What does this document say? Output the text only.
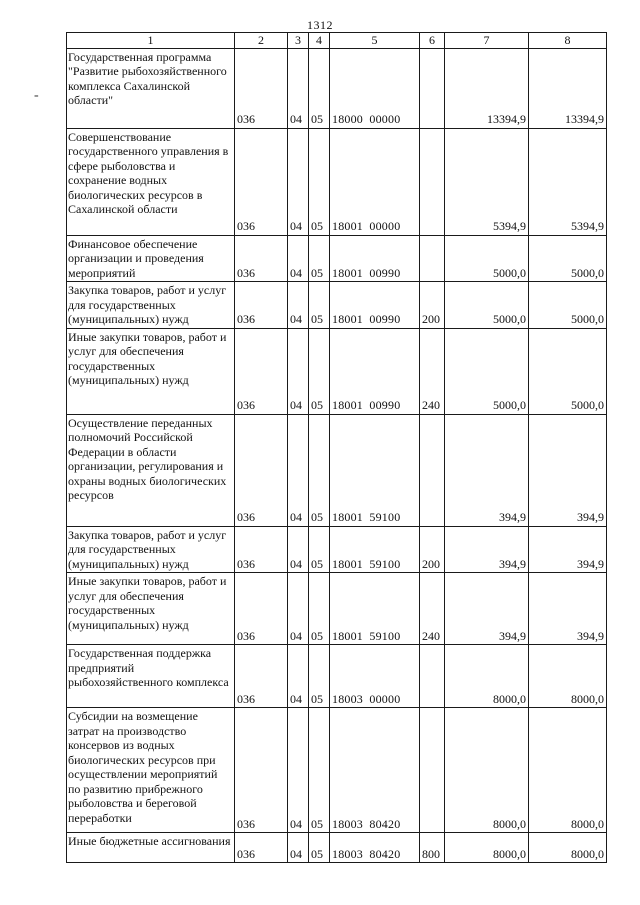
1312
-
1	2	3	4	5	6	7	8
Государственная программа "Развитие рыбохозяйственного комплекса Сахалинской области"	036	04	05	18000  00000		13394,9	13394,9
Совершенствование государственного управления в сфере рыболовства и сохранение водных биологических ресурсов в Сахалинской области	036	04	05	18001  00000		5394,9	5394,9
Финансовое обеспечение организации и проведения мероприятий	036	04	05	18001  00990		5000,0	5000,0
Закупка товаров, работ и услуг для государственных (муниципальных) нужд	036	04	05	18001  00990	200	5000,0	5000,0
Иные закупки товаров, работ и услуг для обеспечения государственных (муниципальных) нужд	036	04	05	18001  00990	240	5000,0	5000,0
Осуществление переданных полномочий Российской Федерации в области организации, регулирования и охраны водных биологических ресурсов	036	04	05	18001  59100		394,9	394,9
Закупка товаров, работ и услуг для государственных (муниципальных) нужд	036	04	05	18001  59100	200	394,9	394,9
Иные закупки товаров, работ и услуг для обеспечения государственных (муниципальных) нужд	036	04	05	18001  59100	240	394,9	394,9
Государственная поддержка предприятий рыбохозяйственного комплекса	036	04	05	18003  00000		8000,0	8000,0
Субсидии на возмещение затрат на производство консервов из водных биологических ресурсов при осуществлении мероприятий по развитию прибрежного рыболовства и береговой переработки	036	04	05	18003  80420		8000,0	8000,0
Иные бюджетные ассигнования	036	04	05	18003  80420	800	8000,0	8000,0
